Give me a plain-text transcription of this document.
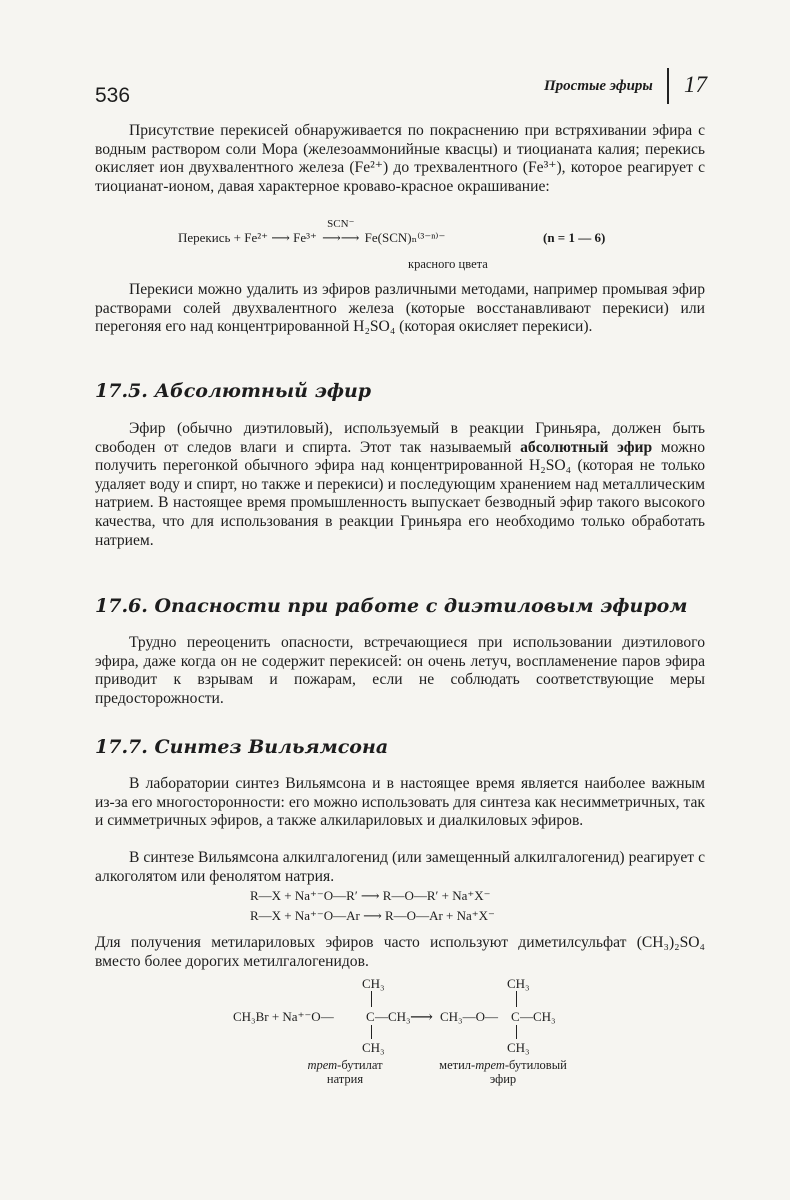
536	Простые эфиры 17

Присутствие перекисей обнаруживается по покраснению при встряхивании эфира с водным раствором соли Мора (железоаммонийные квасцы) и тиоцианата калия; перекись окисляет ион двухвалентного железа (Fe²⁺) до трехвалентного (Fe³⁺), которое реагирует с тиоцианат-ионом, давая характерное кроваво-красное окрашивание:

Перекись + Fe²⁺ ⟶ Fe³⁺
SCN⁻
⟶⟶ Fe(SCN)ₙ⁽³⁻ⁿ⁾⁻	(n = 1 — 6)
красного цвета

Перекиси можно удалить из эфиров различными методами, например промывая эфир растворами солей двухвалентного железа (которые восстанавливают перекиси) или перегоняя его над концентрированной H₂SO₄ (которая окисляет перекиси).

17.5. Абсолютный эфир

Эфир (обычно диэтиловый), используемый в реакции Гриньяра, должен быть свободен от следов влаги и спирта. Этот так называемый абсолютный эфир можно получить перегонкой обычного эфира над концентрированной H₂SO₄ (которая не только удаляет воду и спирт, но также и перекиси) и последующим хранением над металлическим натрием. В настоящее время промышленность выпускает безводный эфир такого высокого качества, что для использования в реакции Гриньяра его необходимо только обработать натрием.

17.6. Опасности при работе с диэтиловым эфиром

Трудно переоценить опасности, встречающиеся при использовании диэтилового эфира, даже когда он не содержит перекисей: он очень летуч, воспламенение паров эфира приводит к взрывам и пожарам, если не соблюдать соответствующие меры предосторожности.

17.7. Синтез Вильямсона

В лаборатории синтез Вильямсона и в настоящее время является наиболее важным из-за его многосторонности: его можно использовать для синтеза как несимметричных, так и симметричных эфиров, а также алкилариловых и диалкиловых эфиров.

В синтезе Вильямсона алкилгалогенид (или замещенный алкилгалогенид) реагирует с алкоголятом или фенолятом натрия.

R—X + Na⁺⁻O—R′ ⟶ R—O—R′ + Na⁺X⁻
R—X + Na⁺⁻O—Ar ⟶ R—O—Ar + Na⁺X⁻

Для получения метилариловых эфиров часто используют диметилсульфат (CH₃)₂SO₄ вместо более дорогих метилгалогенидов.

CH₃Br + Na⁺⁻O—
CH₃
C —CH₃
CH₃
⟶ CH₃—O—
CH₃
C —CH₃
CH₃
трет-бутилат
натрия
метил-трет-бутиловый
эфир
